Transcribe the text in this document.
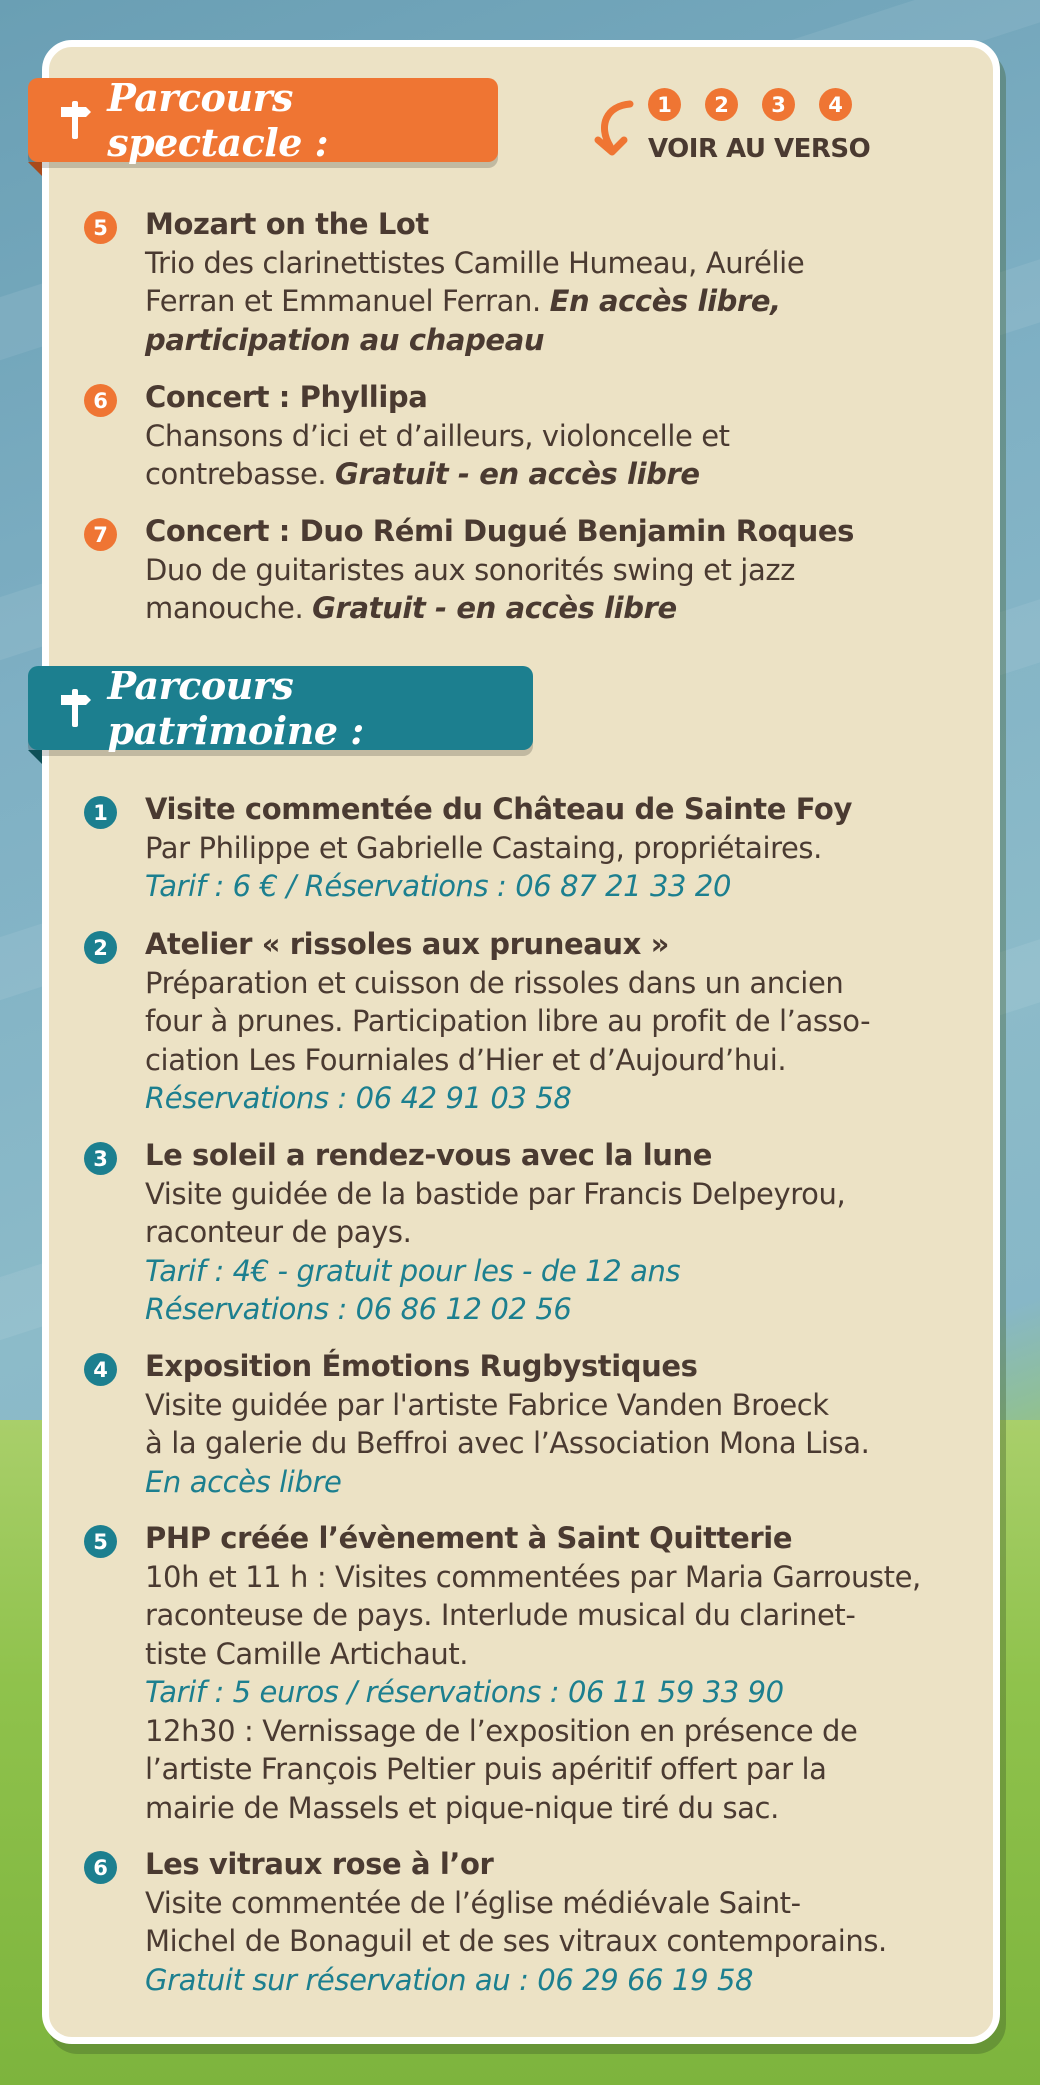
Parcours spectacle :
1	2	3	4
VOIR AU VERSO
5	Mozart on the Lot
Trio des clarinettistes Camille Humeau, Aurélie
Ferran et Emmanuel Ferran. En accès libre,
participation au chapeau
6	Concert : Phyllipa
Chansons d’ici et d’ailleurs, violoncelle et
contrebasse. Gratuit - en accès libre
7	Concert : Duo Rémi Dugué Benjamin Roques
Duo de guitaristes aux sonorités swing et jazz
manouche. Gratuit - en accès libre
Parcours patrimoine :
1	Visite commentée du Château de Sainte Foy
Par Philippe et Gabrielle Castaing, propriétaires.
Tarif : 6 € / Réservations : 06 87 21 33 20
2	Atelier « rissoles aux pruneaux »
Préparation et cuisson de rissoles dans un ancien
four à prunes. Participation libre au profit de l’asso-
ciation Les Fourniales d’Hier et d’Aujourd’hui.
Réservations : 06 42 91 03 58
3	Le soleil a rendez-vous avec la lune
Visite guidée de la bastide par Francis Delpeyrou,
raconteur de pays.
Tarif : 4€ - gratuit pour les - de 12 ans
Réservations : 06 86 12 02 56
4	Exposition Émotions Rugbystiques
Visite guidée par l'artiste Fabrice Vanden Broeck
à la galerie du Beffroi avec l’Association Mona Lisa.
En accès libre
5	PHP créée l’évènement à Saint Quitterie
10h et 11 h : Visites commentées par Maria Garrouste,
raconteuse de pays. Interlude musical du clarinet-
tiste Camille Artichaut.
Tarif : 5 euros / réservations : 06 11 59 33 90
12h30 : Vernissage de l’exposition en présence de
l’artiste François Peltier puis apéritif offert par la
mairie de Massels et pique-nique tiré du sac.
6	Les vitraux rose à l’or
Visite commentée de l’église médiévale Saint-
Michel de Bonaguil et de ses vitraux contemporains.
Gratuit sur réservation au : 06 29 66 19 58
